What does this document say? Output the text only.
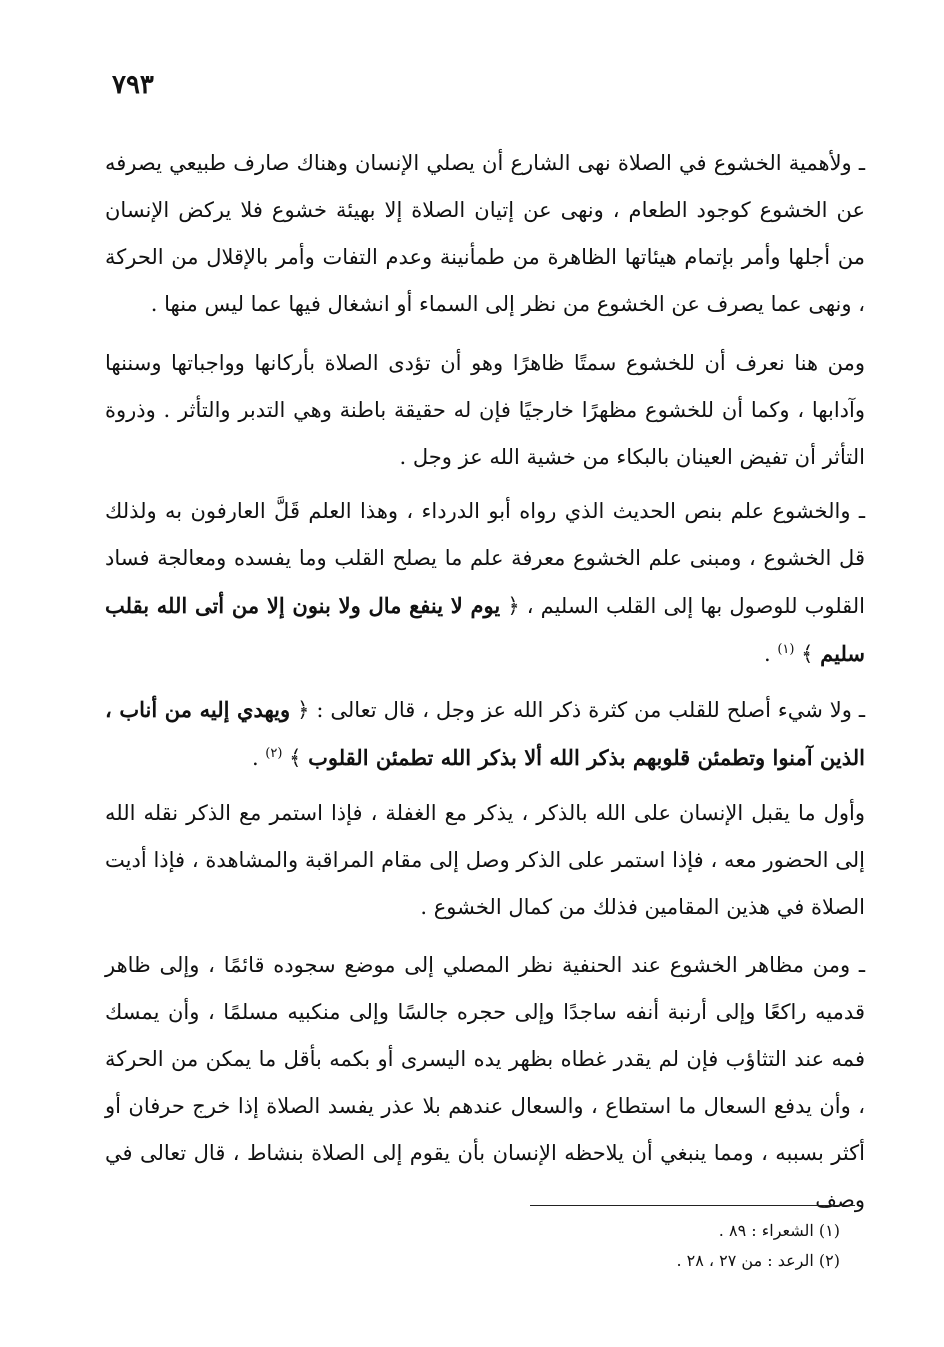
٧٩٣

ـ ولأهمية الخشوع في الصلاة نهى الشارع أن يصلي الإنسان وهناك صارف طبيعي يصرفه عن الخشوع كوجود الطعام ، ونهى عن إتيان الصلاة إلا بهيئة خشوع فلا يركض الإنسان من أجلها وأمر بإتمام هيئاتها الظاهرة من طمأنينة وعدم التفات وأمر بالإقلال من الحركة ، ونهى عما يصرف عن الخشوع من نظر إلى السماء أو انشغال فيها عما ليس منها .

ومن هنا نعرف أن للخشوع سمتًا ظاهرًا وهو أن تؤدى الصلاة بأركانها وواجباتها وسننها وآدابها ، وكما أن للخشوع مظهرًا خارجيًا فإن له حقيقة باطنة وهي التدبر والتأثر . وذروة التأثر أن تفيض العينان بالبكاء من خشية الله عز وجل .

ـ والخشوع علم بنص الحديث الذي رواه أبو الدرداء ، وهذا العلم قَلَّ العارفون به ولذلك قل الخشوع ، ومبنى علم الخشوع معرفة علم ما يصلح القلب وما يفسده ومعالجة فساد القلوب للوصول بها إلى القلب السليم ، ﴿ يوم لا ينفع مال ولا بنون إلا من أتى الله بقلب سليم ﴾ $^{(١)}$ .

ـ ولا شيء أصلح للقلب من كثرة ذكر الله عز وجل ، قال تعالى : ﴿ ويهدي إليه من أناب ، الذين آمنوا وتطمئن قلوبهم بذكر الله ألا بذكر الله تطمئن القلوب ﴾ $^{(٢)}$ .

وأول ما يقبل الإنسان على الله بالذكر ، يذكر مع الغفلة ، فإذا استمر مع الذكر نقله الله إلى الحضور معه ، فإذا استمر على الذكر وصل إلى مقام المراقبة والمشاهدة ، فإذا أديت الصلاة في هذين المقامين فذلك من كمال الخشوع .

ـ ومن مظاهر الخشوع عند الحنفية نظر المصلي إلى موضع سجوده قائمًا ، وإلى ظاهر قدميه راكعًا وإلى أرنبة أنفه ساجدًا وإلى حجره جالسًا وإلى منكبيه مسلمًا ، وأن يمسك فمه عند التثاؤب فإن لم يقدر غطاه بظهر يده اليسرى أو بكمه بأقل ما يمكن من الحركة ، وأن يدفع السعال ما استطاع ، والسعال عندهم بلا عذر يفسد الصلاة إذا خرج حرفان أو أكثر بسببه ، ومما ينبغي أن يلاحظه الإنسان بأن يقوم إلى الصلاة بنشاط ، قال تعالى في وصف

(١) الشعراء : ٨٩ .
(٢) الرعد : من ٢٧ ، ٢٨ .
